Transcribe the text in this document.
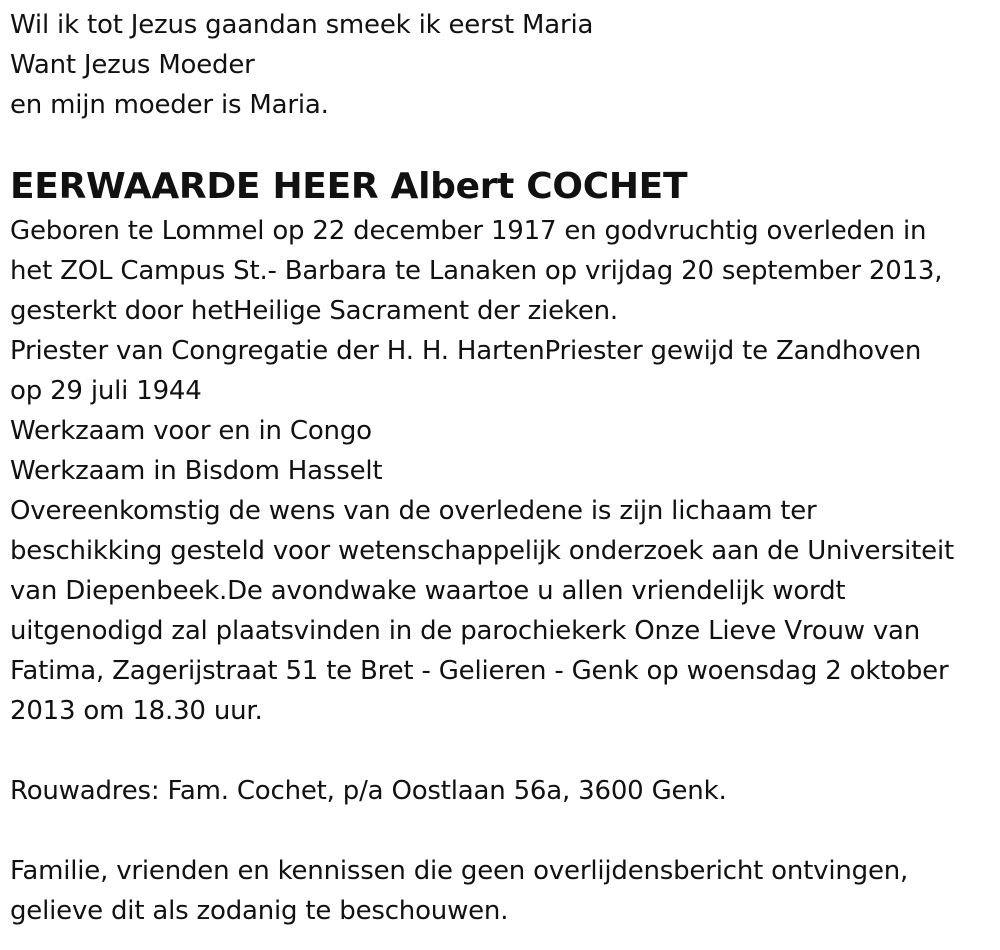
Wil ik tot Jezus gaandan smeek ik eerst Maria
Want Jezus Moeder
en mijn moeder is Maria.
EERWAARDE HEER Albert COCHET
Geboren te Lommel op 22 december 1917 en godvruchtig overleden in
het ZOL Campus St.- Barbara te Lanaken op vrijdag 20 september 2013,
gesterkt door hetHeilige Sacrament der zieken.
Priester van Congregatie der H. H. HartenPriester gewijd te Zandhoven
op 29 juli 1944
Werkzaam voor en in Congo
Werkzaam in Bisdom Hasselt
Overeenkomstig de wens van de overledene is zijn lichaam ter
beschikking gesteld voor wetenschappelijk onderzoek aan de Universiteit
van Diepenbeek.De avondwake waartoe u allen vriendelijk wordt
uitgenodigd zal plaatsvinden in de parochiekerk Onze Lieve Vrouw van
Fatima, Zagerijstraat 51 te Bret - Gelieren - Genk op woensdag 2 oktober
2013 om 18.30 uur.
Rouwadres: Fam. Cochet, p/a Oostlaan 56a, 3600 Genk.
Familie, vrienden en kennissen die geen overlijdensbericht ontvingen,
gelieve dit als zodanig te beschouwen.
